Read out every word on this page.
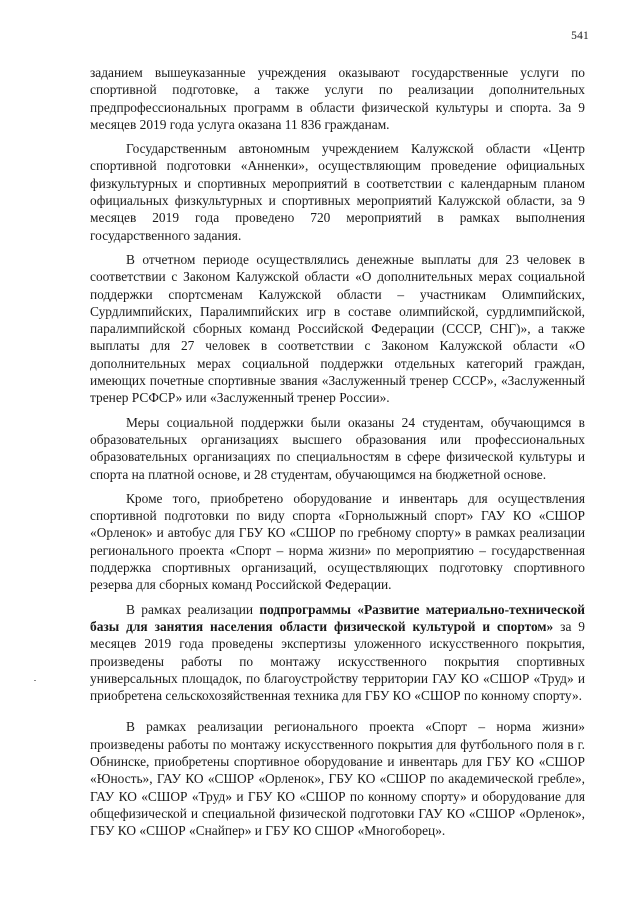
541

заданием вышеуказанные учреждения оказывают государственные услуги по спортивной подготовке, а также услуги по реализации дополнительных предпрофессиональных программ в области физической культуры и спорта. За 9 месяцев 2019 года услуга оказана 11 836 гражданам.

Государственным автономным учреждением Калужской области «Центр спортивной подготовки «Анненки», осуществляющим проведение официальных физкультурных и спортивных мероприятий в соответствии с календарным планом официальных физкультурных и спортивных мероприятий Калужской области, за 9 месяцев 2019 года проведено 720 мероприятий в рамках выполнения государственного задания.

В отчетном периоде осуществлялись денежные выплаты для 23 человек в соответствии с Законом Калужской области «О дополнительных мерах социальной поддержки спортсменам Калужской области – участникам Олимпийских, Сурдлимпийских, Паралимпийских игр в составе олимпийской, сурдлимпийской, паралимпийской сборных команд Российской Федерации (СССР, СНГ)», а также выплаты для 27 человек в соответствии с Законом Калужской области «О дополнительных мерах социальной поддержки отдельных категорий граждан, имеющих почетные спортивные звания «Заслуженный тренер СССР», «Заслуженный тренер РСФСР» или «Заслуженный тренер России».

Меры социальной поддержки были оказаны 24 студентам, обучающимся в образовательных организациях высшего образования или профессиональных образовательных организациях по специальностям в сфере физической культуры и спорта на платной основе, и 28 студентам, обучающимся на бюджетной основе.

Кроме того, приобретено оборудование и инвентарь для осуществления спортивной подготовки по виду спорта «Горнолыжный спорт» ГАУ КО «СШОР «Орленок» и автобус для ГБУ КО «СШОР по гребному спорту» в рамках реализации регионального проекта «Спорт – норма жизни» по мероприятию – государственная поддержка спортивных организаций, осуществляющих подготовку спортивного резерва для сборных команд Российской Федерации.

В рамках реализации подпрограммы «Развитие материально-технической базы для занятия населения области физической культурой и спортом» за 9 месяцев 2019 года проведены экспертизы уложенного искусственного покрытия, произведены работы по монтажу искусственного покрытия спортивных универсальных площадок, по благоустройству территории ГАУ КО «СШОР «Труд» и приобретена сельскохозяйственная техника для ГБУ КО «СШОР по конному спорту».

В рамках реализации регионального проекта «Спорт – норма жизни» произведены работы по монтажу искусственного покрытия для футбольного поля в г. Обнинске, приобретены спортивное оборудование и инвентарь для ГБУ КО «СШОР «Юность», ГАУ КО «СШОР «Орленок», ГБУ КО «СШОР по академической гребле», ГАУ КО «СШОР «Труд» и ГБУ КО «СШОР по конному спорту» и оборудование для общефизической и специальной физической подготовки ГАУ КО «СШОР «Орленок», ГБУ КО «СШОР «Снайпер» и ГБУ КО СШОР «Многоборец».
